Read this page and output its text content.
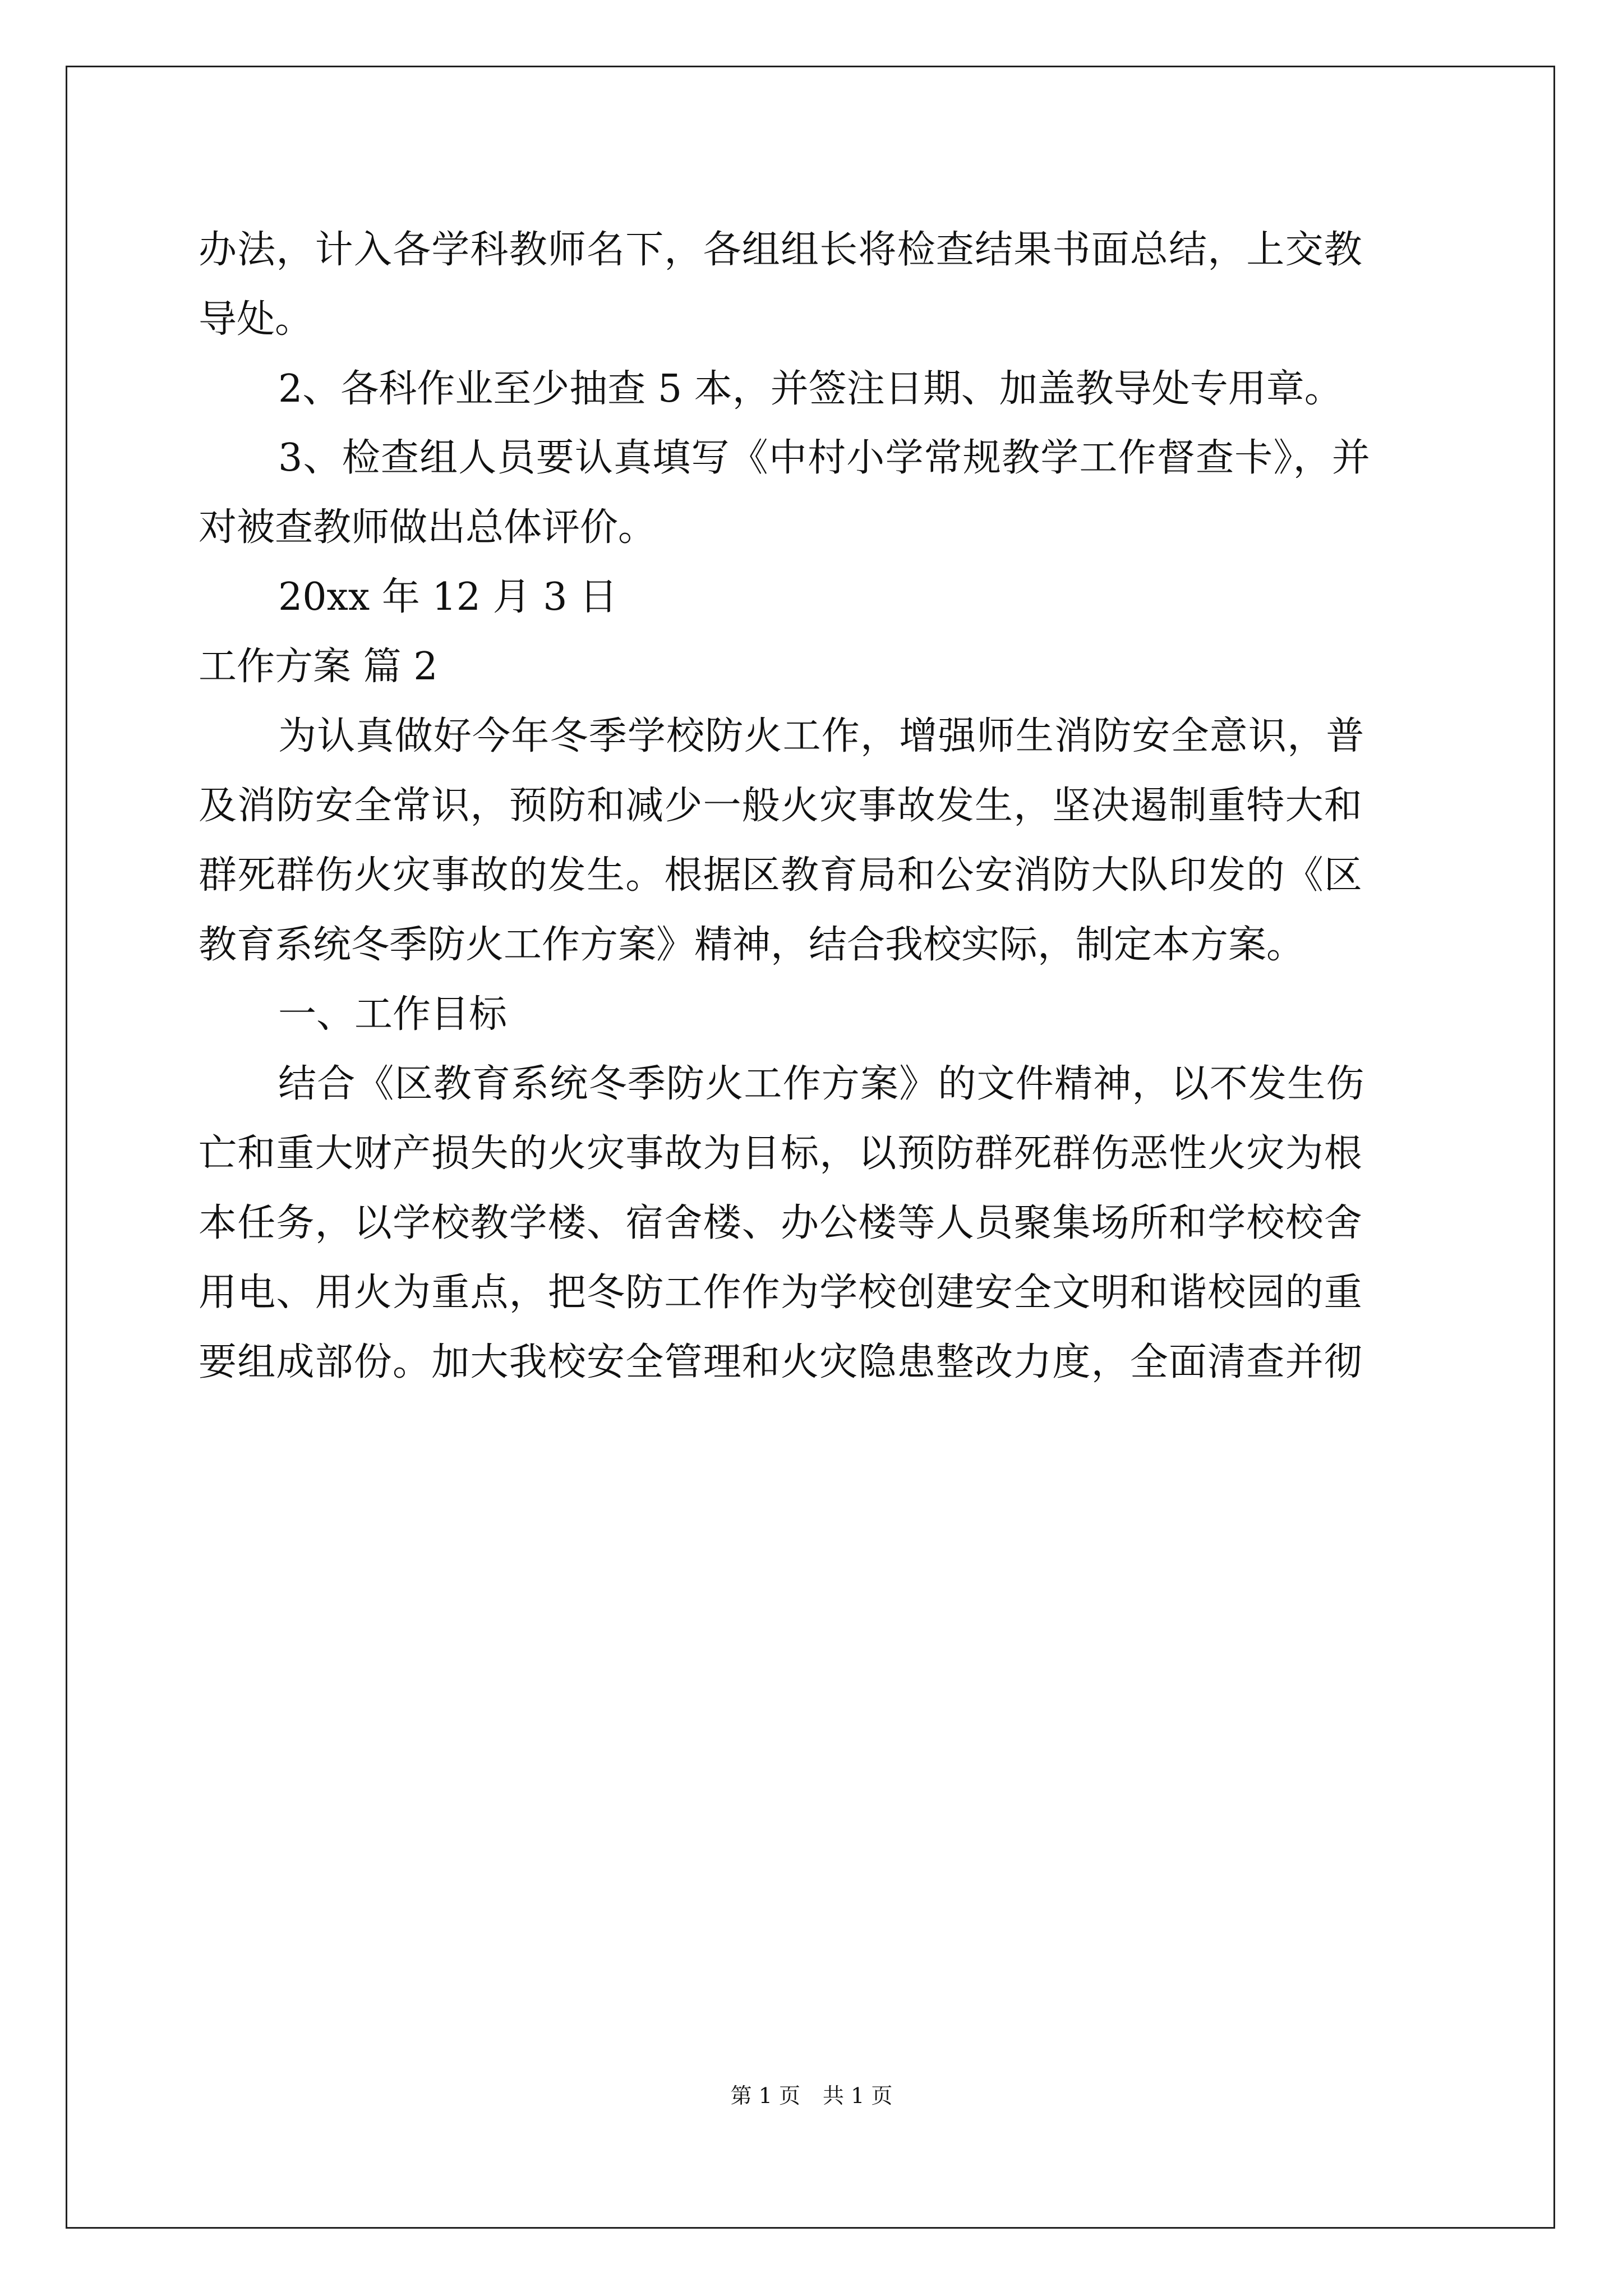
办法，计入各学科教师名下，各组组长将检查结果书面总结，上交教
导处。
2、各科作业至少抽查 5 本，并签注日期、加盖教导处专用章。
3、检查组人员要认真填写《中村小学常规教学工作督查卡》，并
对被查教师做出总体评价。
20xx 年 12 月 3 日
工作方案 篇 2
为认真做好今年冬季学校防火工作，增强师生消防安全意识，普
及消防安全常识，预防和减少一般火灾事故发生，坚决遏制重特大和
群死群伤火灾事故的发生。根据区教育局和公安消防大队印发的《区
教育系统冬季防火工作方案》精神，结合我校实际，制定本方案。
一、工作目标
结合《区教育系统冬季防火工作方案》的文件精神，以不发生伤
亡和重大财产损失的火灾事故为目标，以预防群死群伤恶性火灾为根
本任务，以学校教学楼、宿舍楼、办公楼等人员聚集场所和学校校舍
用电、用火为重点，把冬防工作作为学校创建安全文明和谐校园的重
要组成部份。加大我校安全管理和火灾隐患整改力度，全面清查并彻
第 1 页 共 1 页
